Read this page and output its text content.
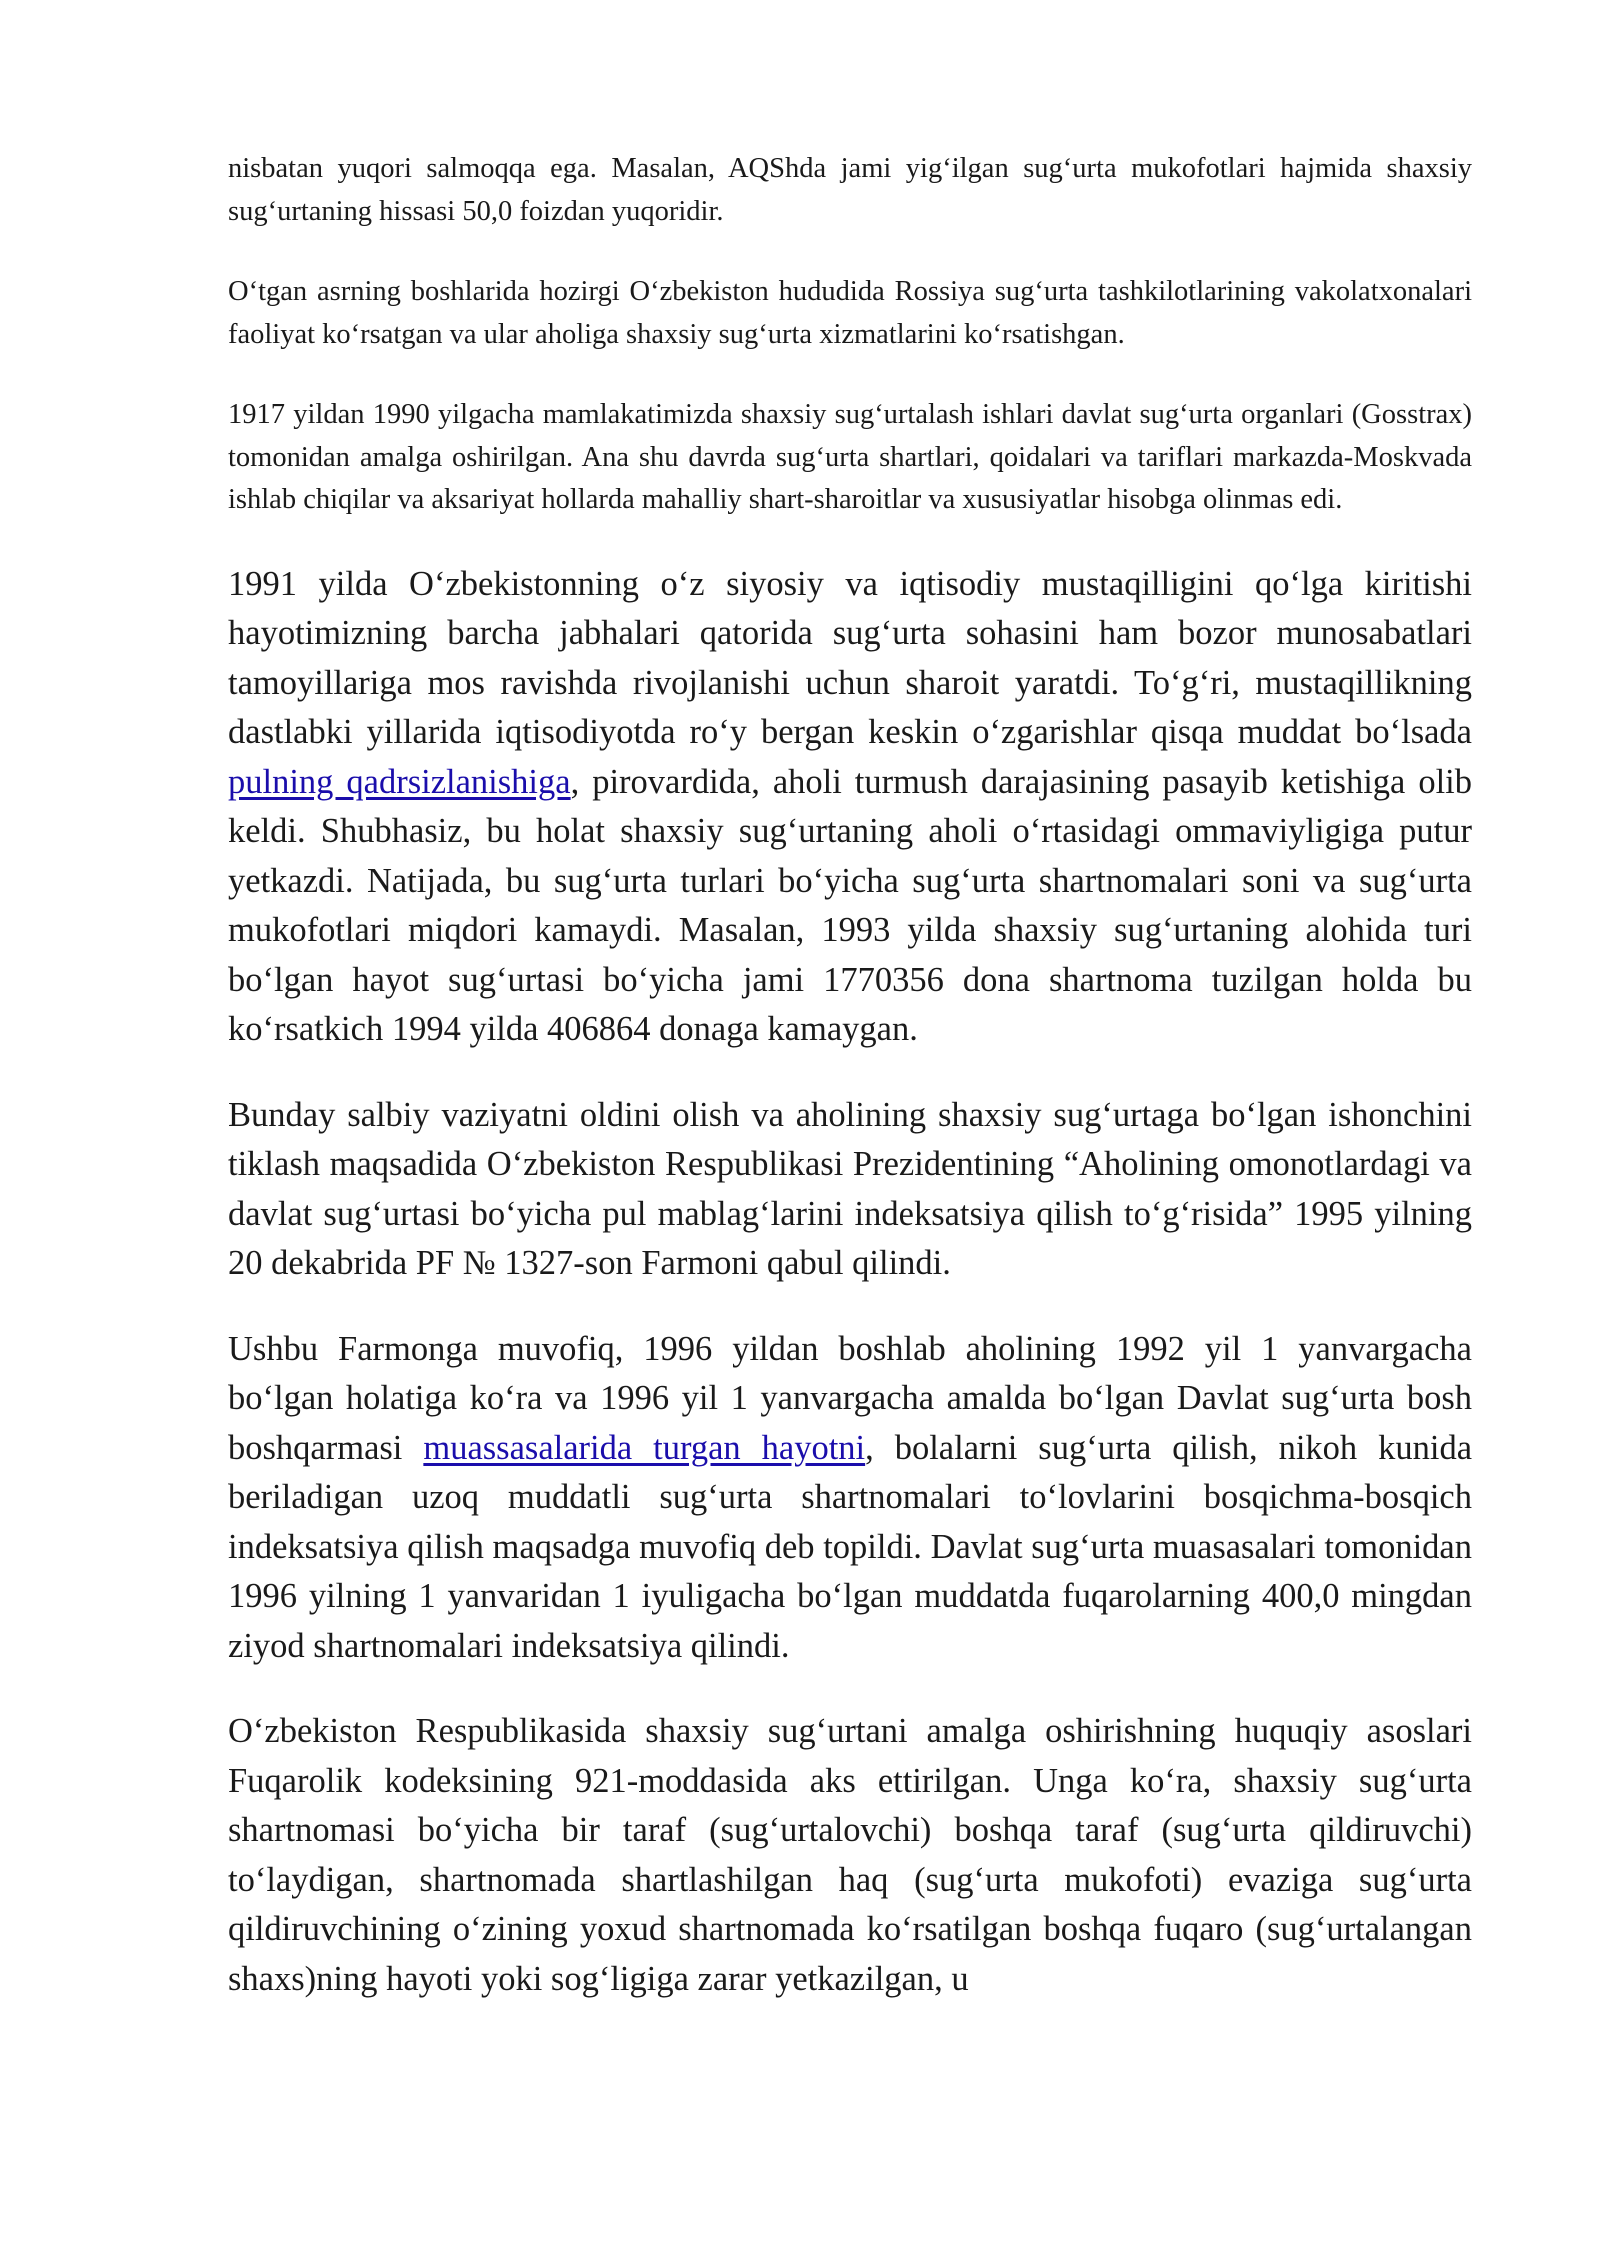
nisbatan yuqori salmoqqa ega. Masalan, AQShda jami yig‘ilgan sug‘urta mukofotlari hajmida shaxsiy sug‘urtaning hissasi 50,0 foizdan yuqoridir.

O‘tgan asrning boshlarida hozirgi O‘zbekiston hududida Rossiya sug‘urta tashkilotlarining vakolatxonalari faoliyat ko‘rsatgan va ular aholiga shaxsiy sug‘urta xizmatlarini ko‘rsatishgan.

1917 yildan 1990 yilgacha mamlakatimizda shaxsiy sug‘urtalash ishlari davlat sug‘urta organlari (Gosstrax) tomonidan amalga oshirilgan. Ana shu davrda sug‘urta shartlari, qoidalari va tariflari markazda-Moskvada ishlab chiqilar va aksariyat hollarda mahalliy shart-sharoitlar va xususiyatlar hisobga olinmas edi.

1991 yilda O‘zbekistonning o‘z siyosiy va iqtisodiy mustaqilligini qo‘lga kiritishi hayotimizning barcha jabhalari qatorida sug‘urta sohasini ham bozor munosabatlari tamoyillariga mos ravishda rivojlanishi uchun sharoit yaratdi. To‘g‘ri, mustaqillikning dastlabki yillarida iqtisodiyotda ro‘y bergan keskin o‘zgarishlar qisqa muddat bo‘lsada pulning qadrsizlanishiga, pirovardida, aholi turmush darajasining pasayib ketishiga olib keldi. Shubhasiz, bu holat shaxsiy sug‘urtaning aholi o‘rtasidagi ommaviyligiga putur yetkazdi. Natijada, bu sug‘urta turlari bo‘yicha sug‘urta shartnomalari soni va sug‘urta mukofotlari miqdori kamaydi. Masalan, 1993 yilda shaxsiy sug‘urtaning alohida turi bo‘lgan hayot sug‘urtasi bo‘yicha jami 1770356 dona shartnoma tuzilgan holda bu ko‘rsatkich 1994 yilda 406864 donaga kamaygan.

Bunday salbiy vaziyatni oldini olish va aholining shaxsiy sug‘urtaga bo‘lgan ishonchini tiklash maqsadida O‘zbekiston Respublikasi Prezidentining “Aholining omonotlardagi va davlat sug‘urtasi bo‘yicha pul mablag‘larini indeksatsiya qilish to‘g‘risida” 1995 yilning 20 dekabrida PF № 1327-son Farmoni qabul qilindi.

Ushbu Farmonga muvofiq, 1996 yildan boshlab aholining 1992 yil 1 yanvargacha bo‘lgan holatiga ko‘ra va 1996 yil 1 yanvargacha amalda bo‘lgan Davlat sug‘urta bosh boshqarmasi muassasalarida turgan hayotni, bolalarni sug‘urta qilish, nikoh kunida beriladigan uzoq muddatli sug‘urta shartnomalari to‘lovlarini bosqichma-bosqich indeksatsiya qilish maqsadga muvofiq deb topildi. Davlat sug‘urta muasasalari tomonidan 1996 yilning 1 yanvaridan 1 iyuligacha bo‘lgan muddatda fuqarolarning 400,0 mingdan ziyod shartnomalari indeksatsiya qilindi.

O‘zbekiston Respublikasida shaxsiy sug‘urtani amalga oshirishning huquqiy asoslari Fuqarolik kodeksining 921-moddasida aks ettirilgan. Unga ko‘ra, shaxsiy sug‘urta shartnomasi bo‘yicha bir taraf (sug‘urtalovchi) boshqa taraf (sug‘urta qildiruvchi) to‘laydigan, shartnomada shartlashilgan haq (sug‘urta mukofoti) evaziga sug‘urta qildiruvchining o‘zining yoxud shartnomada ko‘rsatilgan boshqa fuqaro (sug‘urtalangan shaxs)ning hayoti yoki sog‘ligiga zarar yetkazilgan, u
